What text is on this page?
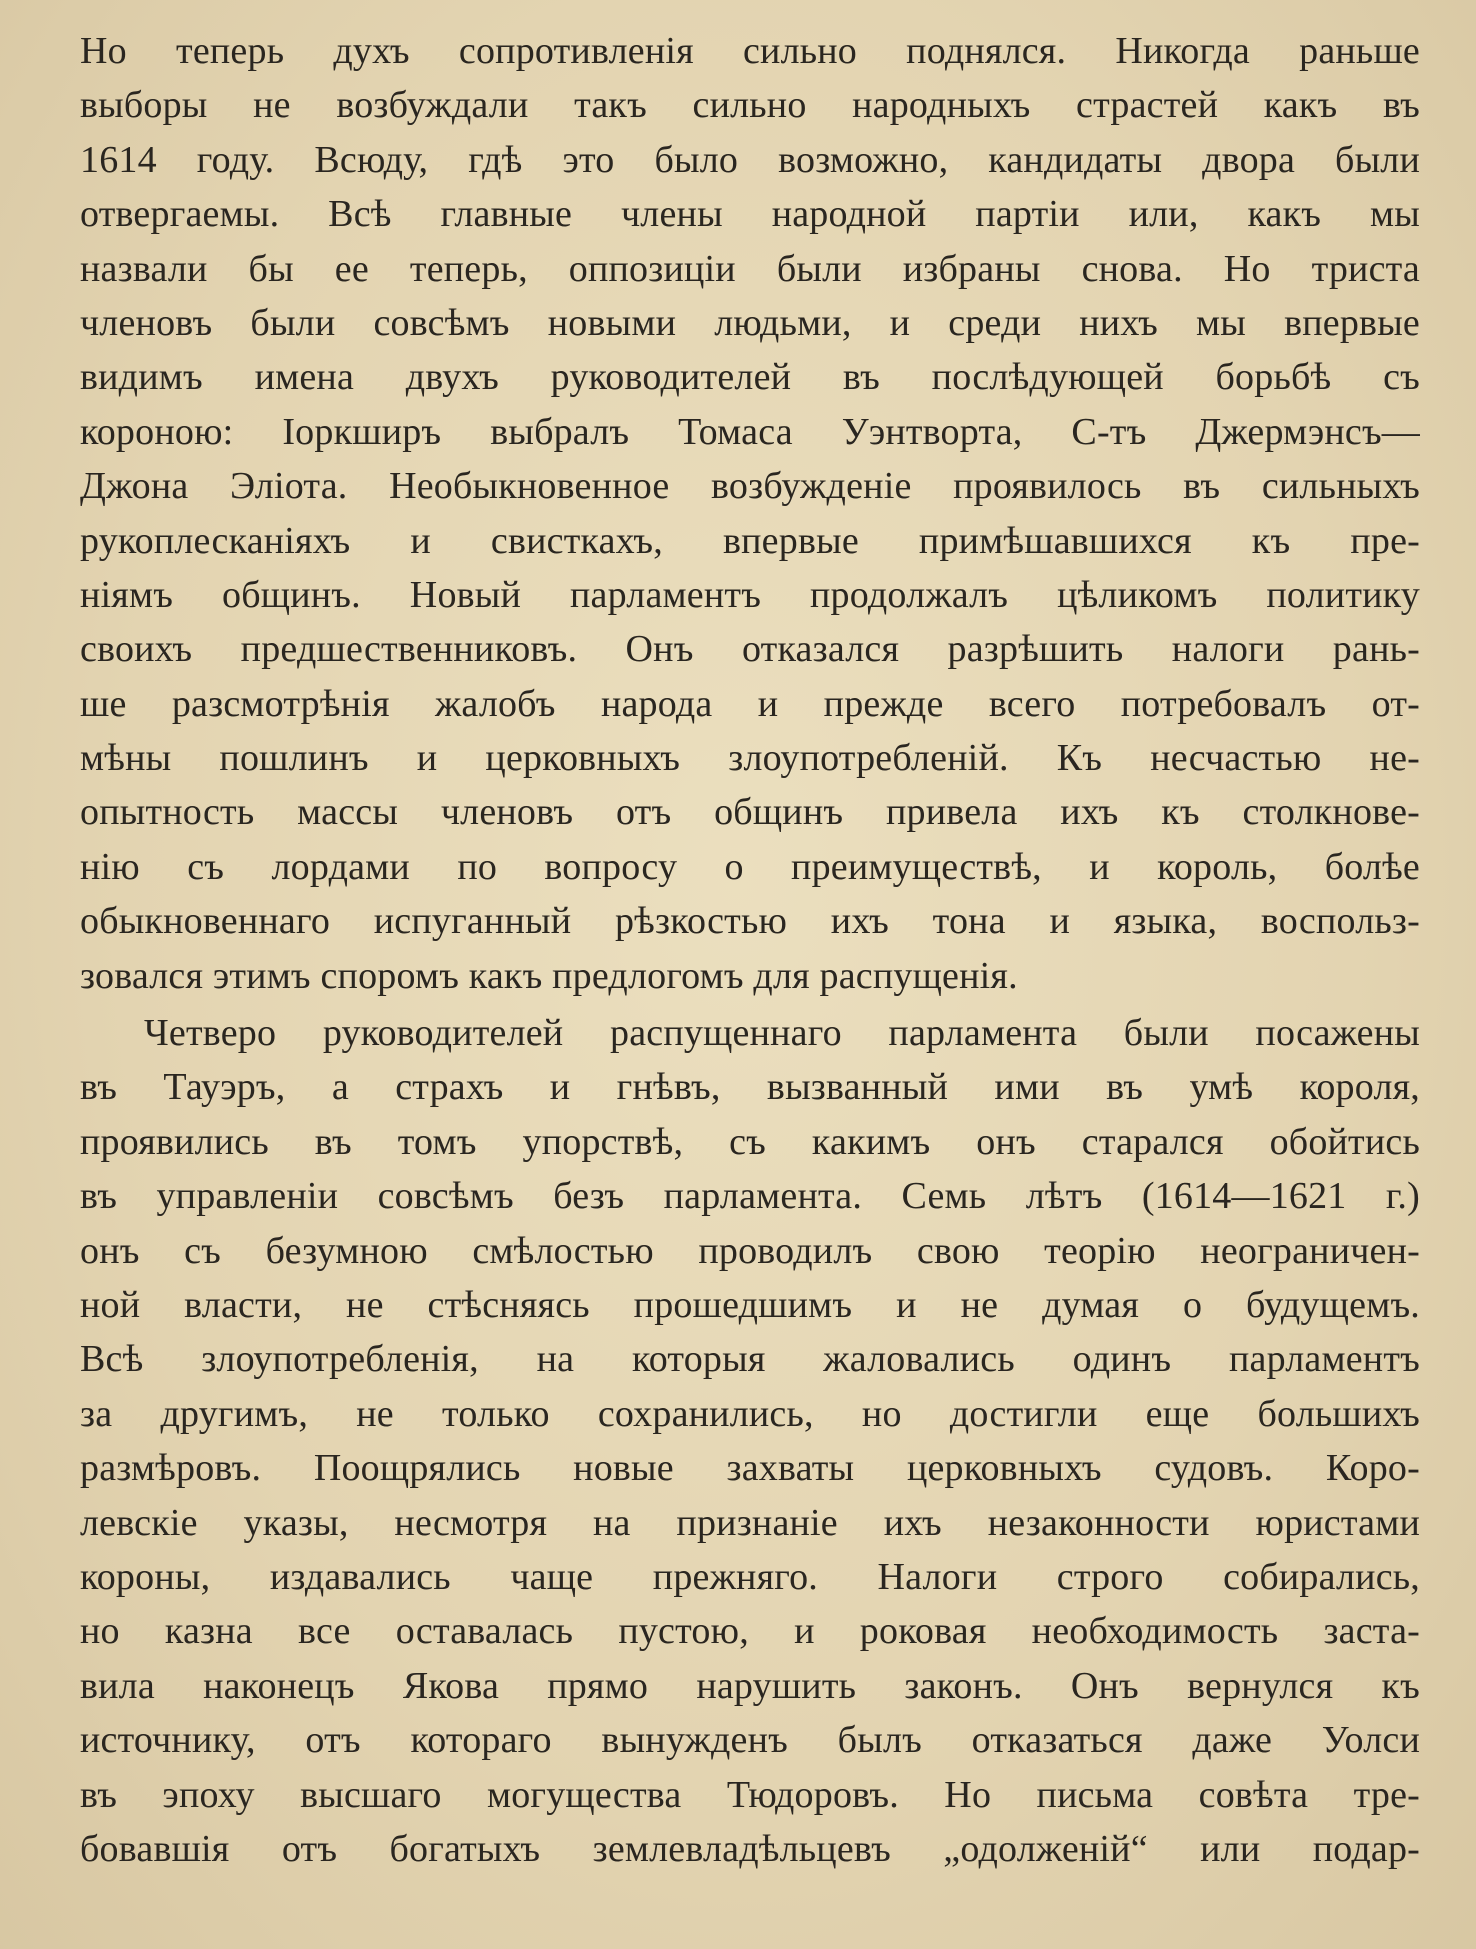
Но теперь духъ сопротивленія сильно поднялся. Никогда раньше
выборы не возбуждали такъ сильно народныхъ страстей какъ въ
1614 году. Всюду, гдѣ это было возможно, кандидаты двора были
отвергаемы. Всѣ главные члены народной партіи или, какъ мы
назвали бы ее теперь, оппозиціи были избраны снова. Но триста
членовъ были совсѣмъ новыми людьми, и среди нихъ мы впервые
видимъ имена двухъ руководителей въ послѣдующей борьбѣ съ
короною: Іоркширъ выбралъ Томаса Уэнтворта, С-тъ Джермэнсъ—
Джона Эліота. Необыкновенное возбужденіе проявилось въ сильныхъ
рукоплесканіяхъ и свисткахъ, впервые примѣшавшихся къ пре-
ніямъ общинъ. Новый парламентъ продолжалъ цѣликомъ политику
своихъ предшественниковъ. Онъ отказался разрѣшить налоги рань-
ше разсмотрѣнія жалобъ народа и прежде всего потребовалъ от-
мѣны пошлинъ и церковныхъ злоупотребленій. Къ несчастью не-
опытность массы членовъ отъ общинъ привела ихъ къ столкнове-
нію съ лордами по вопросу о преимуществѣ, и король, болѣе
обыкновеннаго испуганный рѣзкостью ихъ тона и языка, воспольз-
зовался этимъ споромъ какъ предлогомъ для распущенія.
Четверо руководителей распущеннаго парламента были посажены
въ Тауэръ, а страхъ и гнѣвъ, вызванный ими въ умѣ короля,
проявились въ томъ упорствѣ, съ какимъ онъ старался обойтись
въ управленіи совсѣмъ безъ парламента. Семь лѣтъ (1614—1621 г.)
онъ съ безумною смѣлостью проводилъ свою теорію неограничен-
ной власти, не стѣсняясь прошедшимъ и не думая о будущемъ.
Всѣ злоупотребленія, на которыя жаловались одинъ парламентъ
за другимъ, не только сохранились, но достигли еще большихъ
размѣровъ. Поощрялись новые захваты церковныхъ судовъ. Коро-
левскіе указы, несмотря на признаніе ихъ незаконности юристами
короны, издавались чаще прежняго. Налоги строго собирались,
но казна все оставалась пустою, и роковая необходимость заста-
вила наконецъ Якова прямо нарушить законъ. Онъ вернулся къ
источнику, отъ котораго вынужденъ былъ отказаться даже Уолси
въ эпоху высшаго могущества Тюдоровъ. Но письма совѣта тре-
бовавшія отъ богатыхъ землевладѣльцевъ „одолженій“ или подар-
